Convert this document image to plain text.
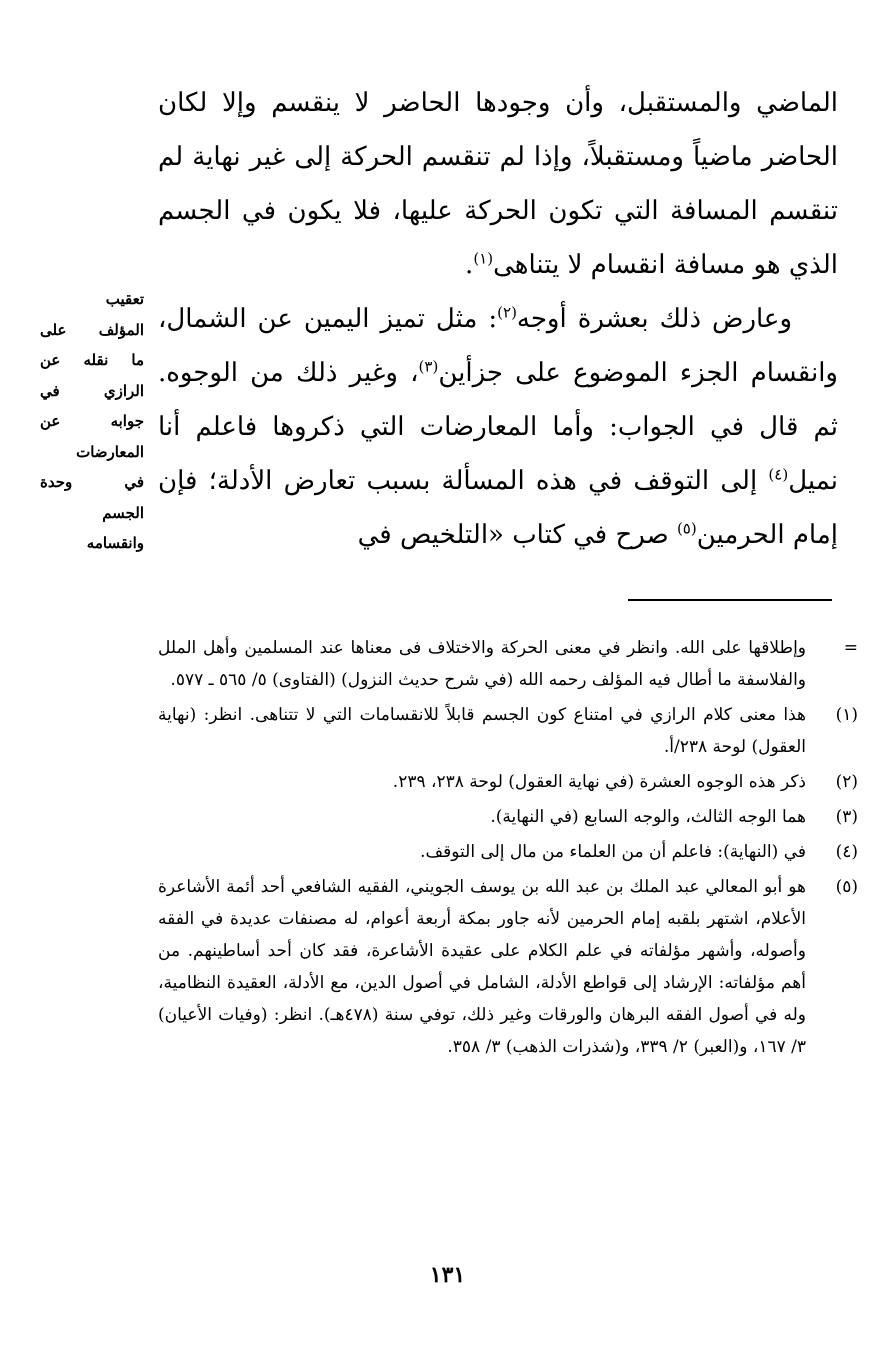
الماضي والمستقبل، وأن وجودها الحاضر لا ينقسم وإلا لكان الحاضر ماضياً ومستقبلاً، وإذا لم تنقسم الحركة إلى غير نهاية لم تنقسم المسافة التي تكون الحركة عليها، فلا يكون في الجسم الذي هو مسافة انقسام لا يتناهى$^{(١)}$.

وعارض ذلك بعشرة أوجه$^{(٢)}$: مثل تميز اليمين عن الشمال، وانقسام الجزء الموضوع على جزأين$^{(٣)}$، وغير ذلك من الوجوه. ثم قال في الجواب: وأما المعارضات التي ذكروها فاعلم أنا نميل$^{(٤)}$ إلى التوقف في هذه المسألة بسبب تعارض الأدلة؛ فإن إمام الحرمين$^{(٥)}$ صرح في كتاب «التلخيص في

تعقيب
المؤلف على
ما نقله عن
الرازي في
جوابه عن
المعارضات
في وحدة
الجسم
وانقسامه
=
وإطلاقها على الله. وانظر في معنى الحركة والاختلاف فى معناها عند المسلمين وأهل الملل والفلاسفة ما أطال فيه المؤلف رحمه الله (في شرح حديث النزول) (الفتاوى) ٥/ ٥٦٥ ـ ٥٧٧.
(١)
هذا معنى كلام الرازي في امتناع كون الجسم قابلاً للانقسامات التي لا تتناهى. انظر: (نهاية العقول) لوحة ٢٣٨/أ.
(٢)
ذكر هذه الوجوه العشرة (في نهاية العقول) لوحة ٢٣٨، ٢٣٩.
(٣)
هما الوجه الثالث، والوجه السابع (في النهاية).
(٤)
في (النهاية): فاعلم أن من العلماء من مال إلى التوقف.
(٥)
هو أبو المعالي عبد الملك بن عبد الله بن يوسف الجويني، الفقيه الشافعي أحد أئمة الأشاعرة الأعلام، اشتهر بلقبه إمام الحرمين لأنه جاور بمكة أربعة أعوام، له مصنفات عديدة في الفقه وأصوله، وأشهر مؤلفاته في علم الكلام على عقيدة الأشاعرة، فقد كان أحد أساطينهم. من أهم مؤلفاته: الإرشاد إلى قواطع الأدلة، الشامل في أصول الدين، مع الأدلة، العقيدة النظامية، وله في أصول الفقه البرهان والورقات وغير ذلك، توفي سنة (٤٧٨هـ). انظر: (وفيات الأعيان) ٣/ ١٦٧، و(العبر) ٢/ ٣٣٩، و(شذرات الذهب) ٣/ ٣٥٨.
١٣١
